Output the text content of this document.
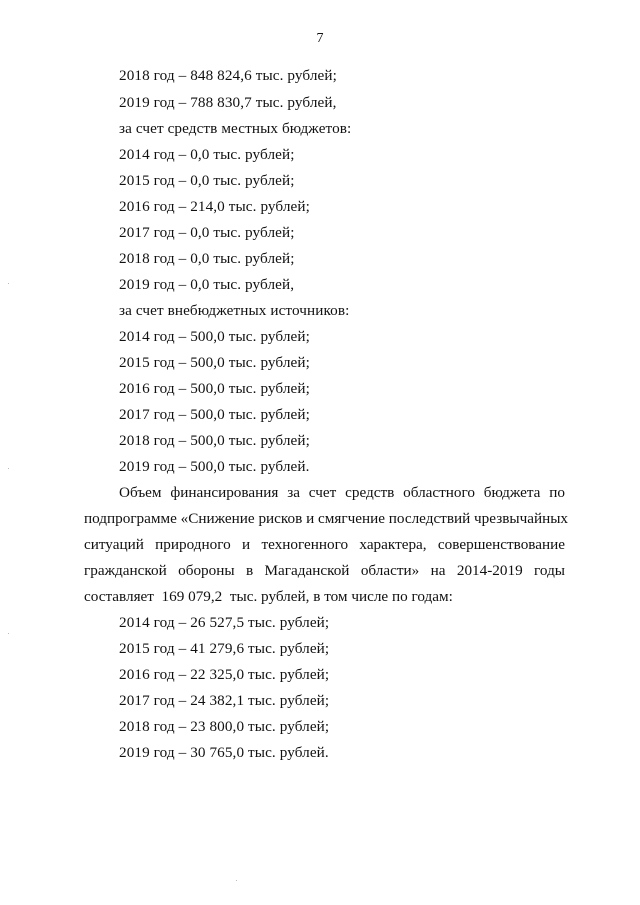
7
2018 год – 848 824,6 тыс. рублей;
2019 год – 788 830,7 тыс. рублей,
за счет средств местных бюджетов:
2014 год – 0,0 тыс. рублей;
2015 год – 0,0 тыс. рублей;
2016 год – 214,0 тыс. рублей;
2017 год – 0,0 тыс. рублей;
2018 год – 0,0 тыс. рублей;
2019 год – 0,0 тыс. рублей,
за счет внебюджетных источников:
2014 год – 500,0 тыс. рублей;
2015 год – 500,0 тыс. рублей;
2016 год – 500,0 тыс. рублей;
2017 год – 500,0 тыс. рублей;
2018 год – 500,0 тыс. рублей;
2019 год – 500,0 тыс. рублей.
Объем финансирования за счет средств областного бюджета по
подпрограмме «Снижение рисков и смягчение последствий чрезвычайных
ситуаций природного и техногенного характера, совершенствование
гражданской обороны в Магаданской области» на 2014-2019 годы
составляет  169 079,2  тыс. рублей, в том числе по годам:
2014 год – 26 527,5 тыс. рублей;
2015 год – 41 279,6 тыс. рублей;
2016 год – 22 325,0 тыс. рублей;
2017 год – 24 382,1 тыс. рублей;
2018 год – 23 800,0 тыс. рублей;
2019 год – 30 765,0 тыс. рублей.
